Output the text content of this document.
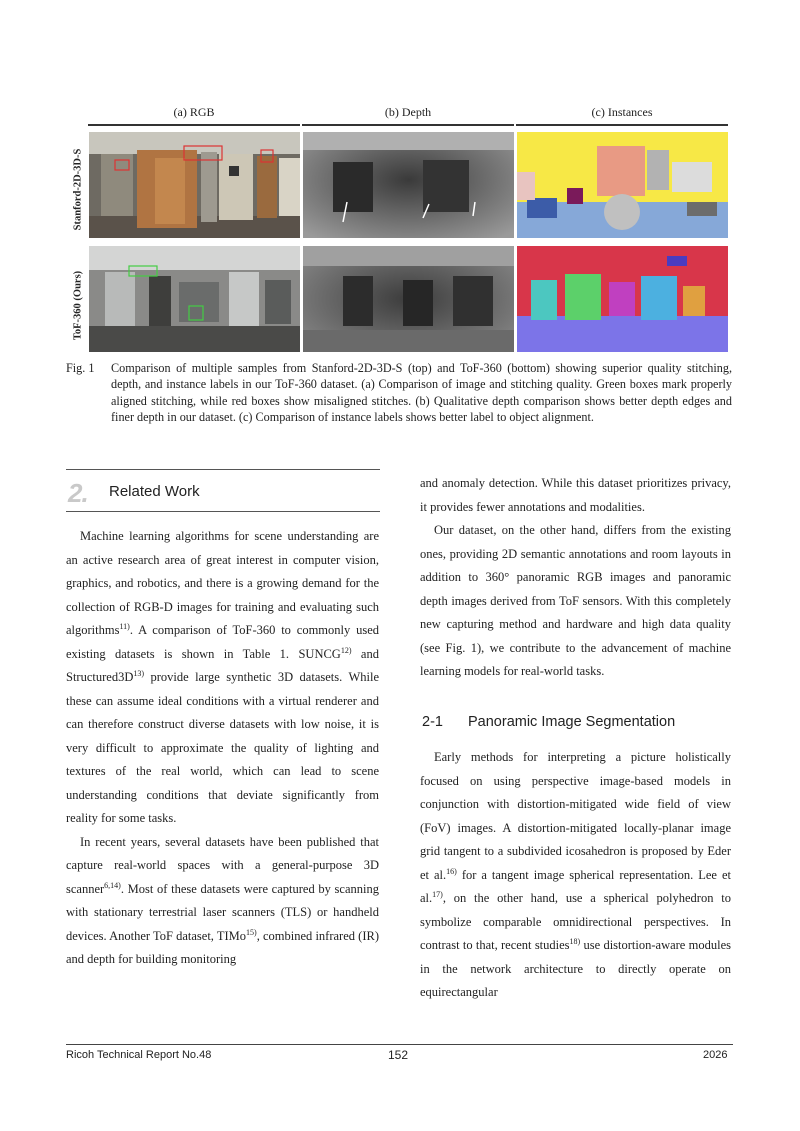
(a) RGB	(b) Depth	(c) Instances
Stanford-2D-3D-S
ToF-360 (Ours)
Fig. 1 Comparison of multiple samples from Stanford-2D-3D-S (top) and ToF-360 (bottom) showing superior quality stitching, depth, and instance labels in our ToF-360 dataset. (a) Comparison of image and stitching quality. Green boxes mark properly aligned stitching, while red boxes show misaligned stitches. (b) Qualitative depth comparison shows better depth edges and finer depth in our dataset. (c) Comparison of instance labels shows better label to object alignment.
2. Related Work

Machine learning algorithms for scene understanding are an active research area of great interest in computer vision, graphics, and robotics, and there is a growing demand for the collection of RGB-D images for training and evaluating such algorithms$^{11)}$. A comparison of ToF-360 to commonly used existing datasets is shown in Table 1. SUNCG$^{12)}$ and $Structured3D^{13)}$ provide large synthetic 3D datasets. While these can assume ideal conditions with a virtual renderer and can therefore construct diverse datasets with low noise, it is very difficult to approximate the quality of lighting and textures of the real world, which can lead to scene understanding conditions that deviate significantly from reality for some tasks.

In recent years, several datasets have been published that capture real-world spaces with a general-purpose 3D scanner$^{6,14)}$. Most of these datasets were captured by scanning with stationary terrestrial laser scanners (TLS) or handheld devices. Another ToF dataset, TIMo$^{15)}$, combined infrared (IR) and depth for building monitoring

and anomaly detection. While this dataset prioritizes privacy, it provides fewer annotations and modalities.

Our dataset, on the other hand, differs from the existing ones, providing 2D semantic annotations and room layouts in addition to 360° panoramic RGB images and panoramic depth images derived from ToF sensors. With this completely new capturing method and hardware and high data quality (see Fig. 1), we contribute to the advancement of machine learning models for real-world tasks.

2-1 Panoramic Image Segmentation

Early methods for interpreting a picture holistically focused on using perspective image-based models in conjunction with distortion-mitigated wide field of view (FoV) images. A distortion-mitigated locally-planar image grid tangent to a subdivided icosahedron is proposed by Eder et al.$^{16)}$ for a tangent image spherical representation. Lee et al.$^{17)}$, on the other hand, use a spherical polyhedron to symbolize comparable omnidirectional perspectives. In contrast to that, recent studies$^{18)}$ use distortion-aware modules in the network architecture to directly operate on equirectangular

Ricoh Technical Report No.48	152	2026
